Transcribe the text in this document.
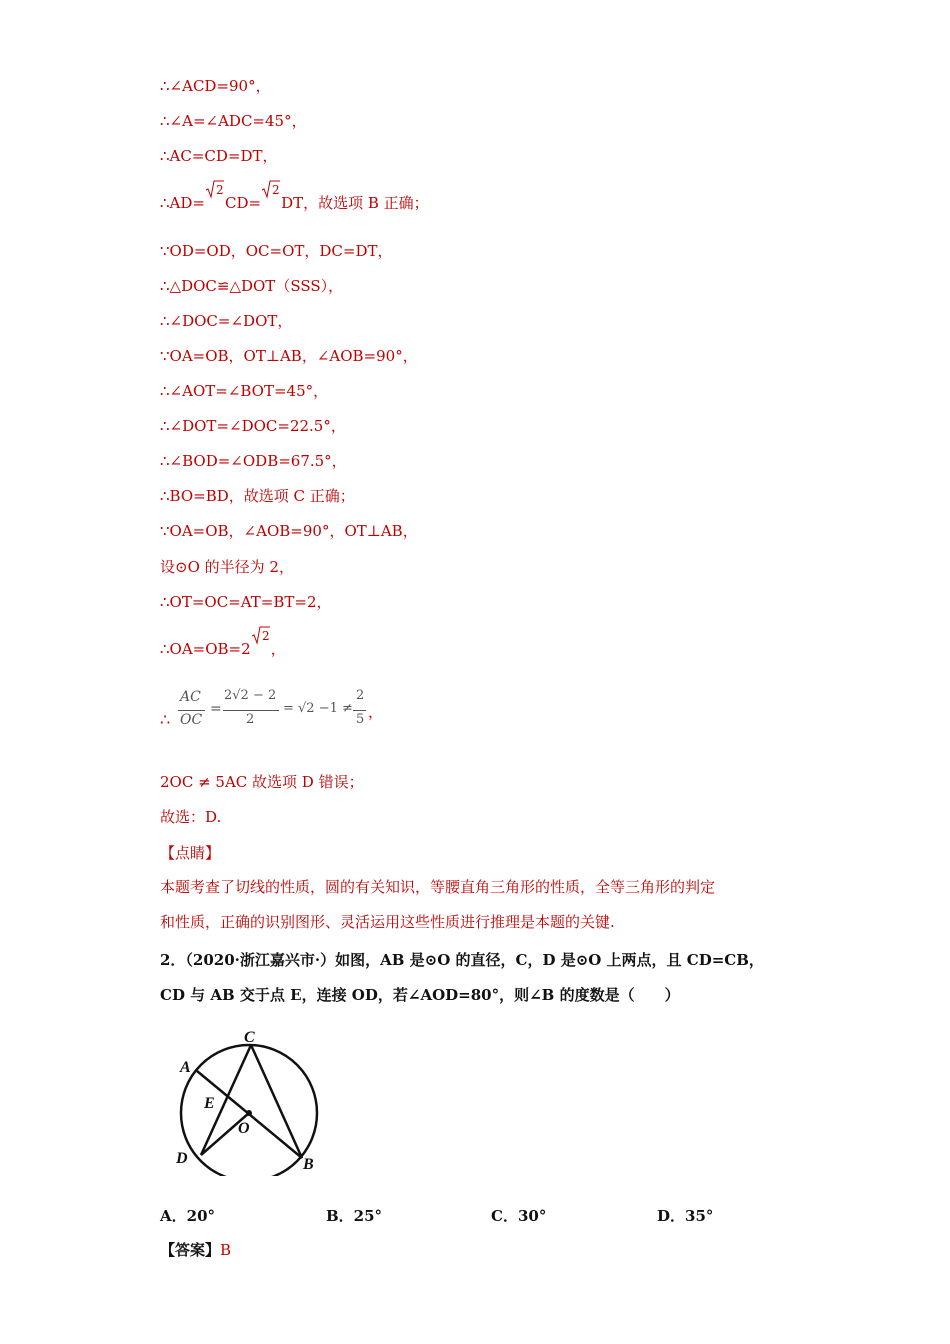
∴∠ACD=90°，
∴∠A=∠ADC=45°，
∴AC=CD=DT，
∴AD=
2
CD=
2
DT，故选项 B 正确；
∵OD=OD，OC=OT，DC=DT，
∴△DOC≌△DOT（SSS），
∴∠DOC=∠DOT，
∵OA=OB，OT⊥AB，∠AOB=90°，
∴∠AOT=∠BOT=45°，
∴∠DOT=∠DOC=22.5°，
∴∠BOD=∠ODB=67.5°，
∴BO=BD，故选项 C 正确；
∵OA=OB，∠AOB=90°，OT⊥AB，
设⊙O 的半径为 2，
∴OT=OC=AT=BT=2，
∴OA=OB=2
2
，
∴
AC
OC
=
2√2 − 2
2
= √2 −1 ≠
2
5 ，
2OC ≠ 5AC 故选项 D 错误；
故选：D.
【点睛】
本题考查了切线的性质，圆的有关知识，等腰直角三角形的性质，全等三角形的判定
和性质，正确的识别图形、灵活运用这些性质进行推理是本题的关键.
2．（2020·浙江嘉兴市·）如图，AB 是⊙O 的直径，C，D 是⊙O 上两点，且 CD=CB，
CD 与 AB 交于点 E，连接 OD，若∠AOD=80°，则∠B 的度数是（　　）
A
C
E
O
D	B
A．20°	B．25°	C．30°	D．35°
【答案】B
